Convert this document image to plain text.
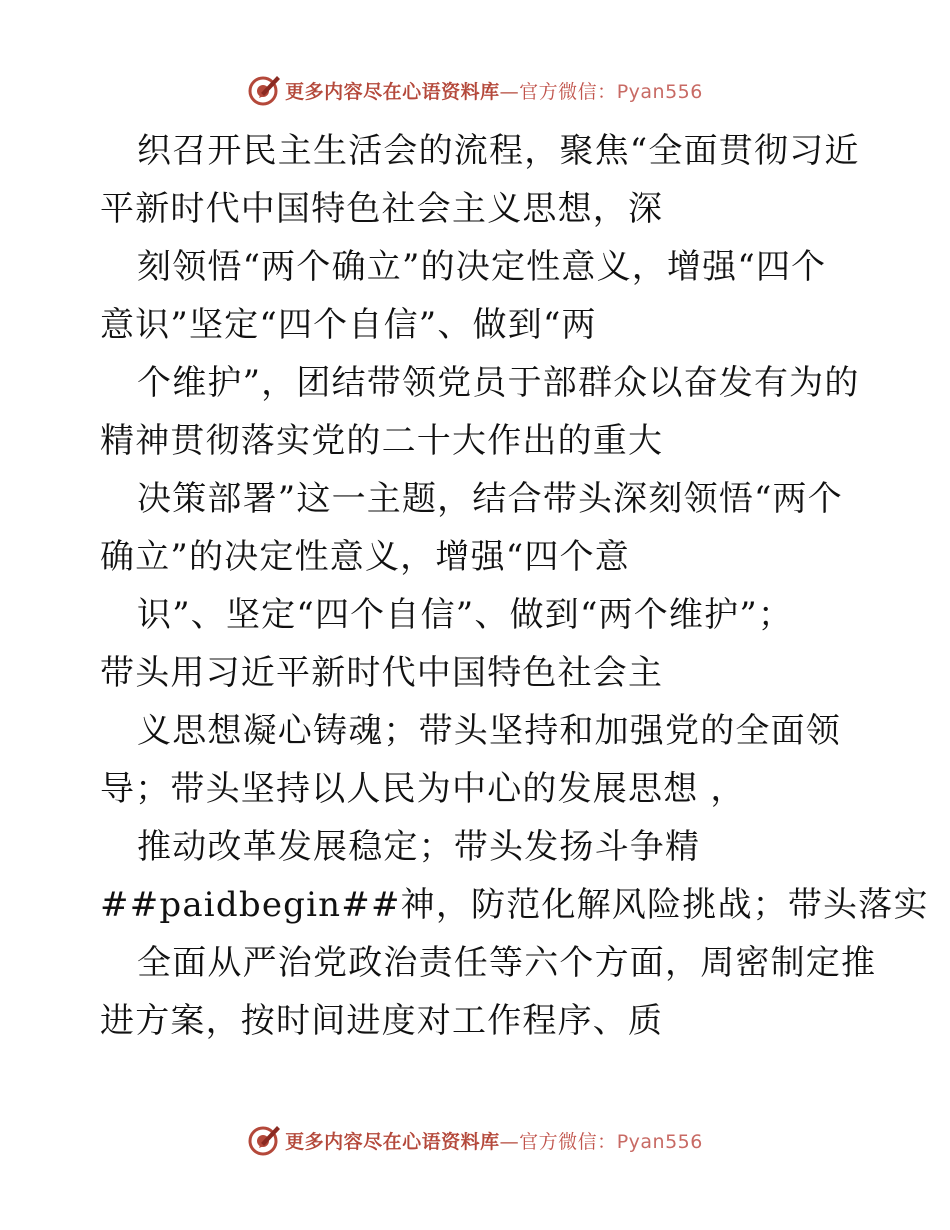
更多内容尽在心语资料库—官方微信：Pyan556
织召开民主生活会的流程，聚焦“全面贯彻习近
平新时代中国特色社会主义思想，深
刻领悟“两个确立”的决定性意义，增强“四个
意识”坚定“四个自信”、做到“两
个维护”，团结带领党员于部群众以奋发有为的
精神贯彻落实党的二十大作出的重大
决策部署”这一主题，结合带头深刻领悟“两个
确立”的决定性意义，增强“四个意
识”、坚定“四个自信”、做到“两个维护”；
带头用习近平新时代中国特色社会主
义思想凝心铸魂；带头坚持和加强党的全面领
导；带头坚持以人民为中心的发展思想 ，
推动改革发展稳定；带头发扬斗争精
##paidbegin##神，防范化解风险挑战；带头落实
全面从严治党政治责任等六个方面，周密制定推
进方案，按时间进度对工作程序、质
更多内容尽在心语资料库—官方微信：Pyan556
